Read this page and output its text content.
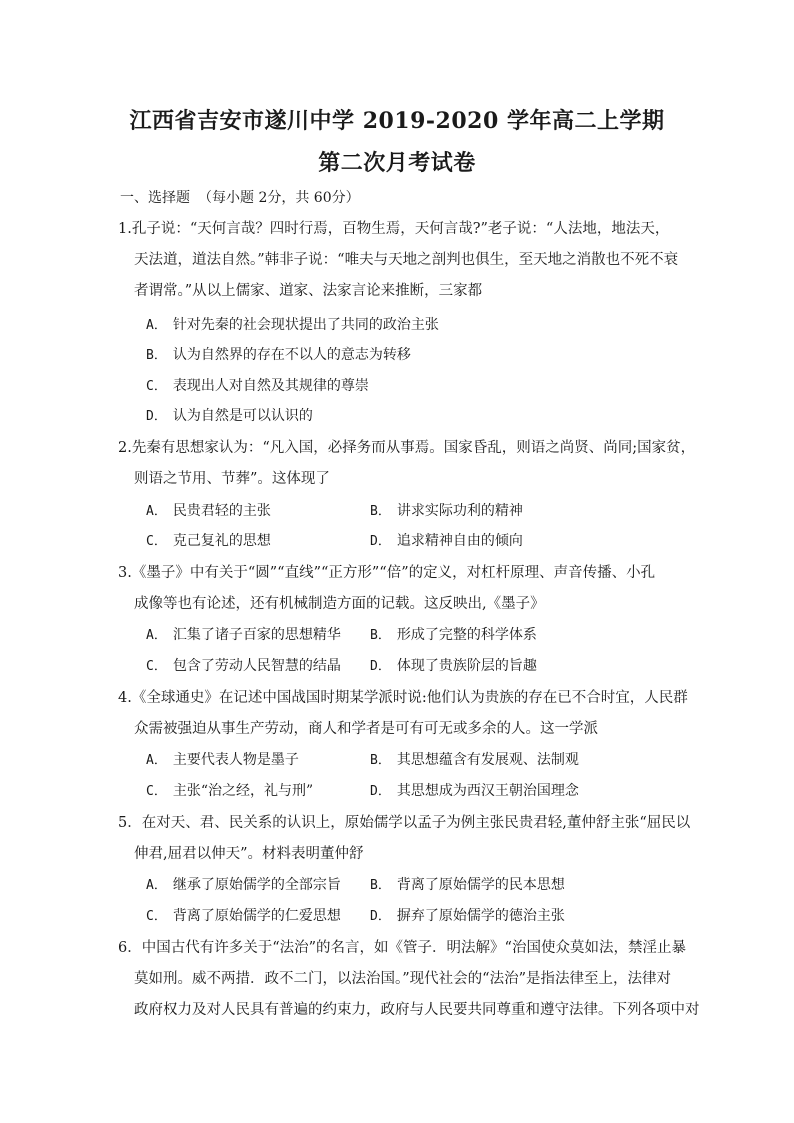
江西省吉安市遂川中学 2019-2020 学年高二上学期
第二次月考试卷
一、选择题 （每小题 2分，共 60分）
1.孔子说：“天何言哉？四时行焉，百物生焉，天何言哉?”老子说：“人法地，地法天，
天法道，道法自然。”韩非子说：“唯夫与天地之剖判也俱生，至天地之消散也不死不衰
者谓常。”从以上儒家、道家、法家言论来推断，三家都
A． 针对先秦的社会现状提出了共同的政治主张
B． 认为自然界的存在不以人的意志为转移
C． 表现出人对自然及其规律的尊崇
D． 认为自然是可以认识的
2.先秦有思想家认为：“凡入国，必择务而从事焉。国家昏乱，则语之尚贤、尚同;国家贫，
则语之节用、节葬”。这体现了
A． 民贵君轻的主张	B． 讲求实际功利的精神
C． 克己复礼的思想	D． 追求精神自由的倾向
3.《墨子》中有关于“圆”“直线”“正方形”“倍”的定义，对杠杆原理、声音传播、小孔
成像等也有论述，还有机械制造方面的记载。这反映出,《墨子》
A． 汇集了诸子百家的思想精华 B． 形成了完整的科学体系
C． 包含了劳动人民智慧的结晶 D． 体现了贵族阶层的旨趣
4.《全球通史》在记述中国战国时期某学派时说:他们认为贵族的存在已不合时宜，人民群
众需被强迫从事生产劳动，商人和学者是可有可无或多余的人。这一学派
A． 主要代表人物是墨子	B． 其思想蕴含有发展观、法制观
C． 主张“治之经，礼与刑”	D． 其思想成为西汉王朝治国理念
5．在对天、君、民关系的认识上，原始儒学以孟子为例主张民贵君轻,董仲舒主张“屈民以
伸君,屈君以伸天”。材料表明董仲舒
A． 继承了原始儒学的全部宗旨 B． 背离了原始儒学的民本思想
C． 背离了原始儒学的仁爱思想 D． 摒弃了原始儒学的德治主张
6．中国古代有许多关于“法治”的名言，如《管子．明法解》“治国使众莫如法，禁淫止暴
莫如刑。威不两措．政不二门，以法治国。”现代社会的“法治”是指法律至上，法律对
政府权力及对人民具有普遍的约束力，政府与人民要共同尊重和遵守法律。下列各项中对
